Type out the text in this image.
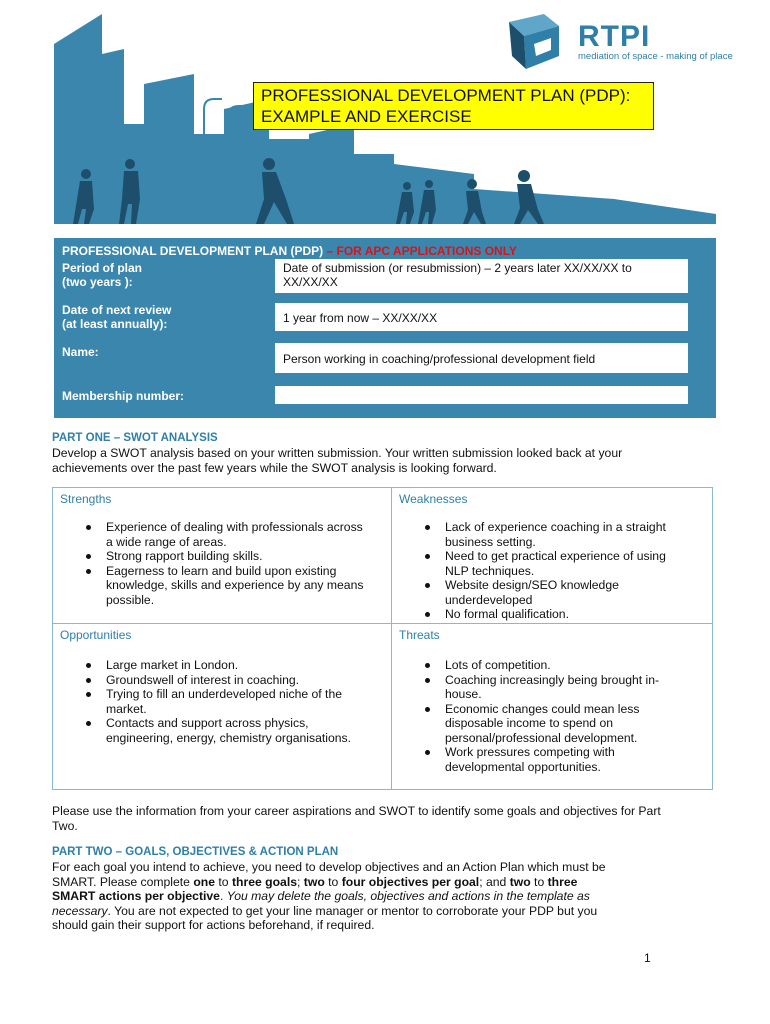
RTPI
mediation of space - making of place
PROFESSIONAL DEVELOPMENT PLAN (PDP):
EXAMPLE AND EXERCISE
PROFESSIONAL DEVELOPMENT PLAN (PDP) – FOR APC APPLICATIONS ONLY
Period of plan
(two years ):
Date of submission (or resubmission) – 2 years later XX/XX/XX to
XX/XX/XX
Date of next review
(at least annually):	1 year from now – XX/XX/XX
Name:	Person working in coaching/professional development field
Membership number:
PART ONE – SWOT ANALYSIS
Develop a SWOT analysis based on your written submission. Your written submission looked back at your
achievements over the past few years while the SWOT analysis is looking forward.
Strengths
Experience of dealing with professionals across
a wide range of areas.
Strong rapport building skills.
Eagerness to learn and build upon existing
knowledge, skills and experience by any means
possible.
Weaknesses
Lack of experience coaching in a straight
business setting.
Need to get practical experience of using
NLP techniques.
Website design/SEO knowledge
underdeveloped
No formal qualification.
Opportunities
Large market in London.
Groundswell of interest in coaching.
Trying to fill an underdeveloped niche of the
market.
Contacts and support across physics,
engineering, energy, chemistry organisations.
Threats
Lots of competition.
Coaching increasingly being brought in-
house.
Economic changes could mean less
disposable income to spend on
personal/professional development.
Work pressures competing with
developmental opportunities.
Please use the information from your career aspirations and SWOT to identify some goals and objectives for Part
Two.
PART TWO – GOALS, OBJECTIVES & ACTION PLAN
For each goal you intend to achieve, you need to develop objectives and an Action Plan which must be
SMART. Please complete one to three goals; two to four objectives per goal; and two to three
SMART actions per objective. You may delete the goals, objectives and actions in the template as
necessary. You are not expected to get your line manager or mentor to corroborate your PDP but you
should gain their support for actions beforehand, if required.
1
